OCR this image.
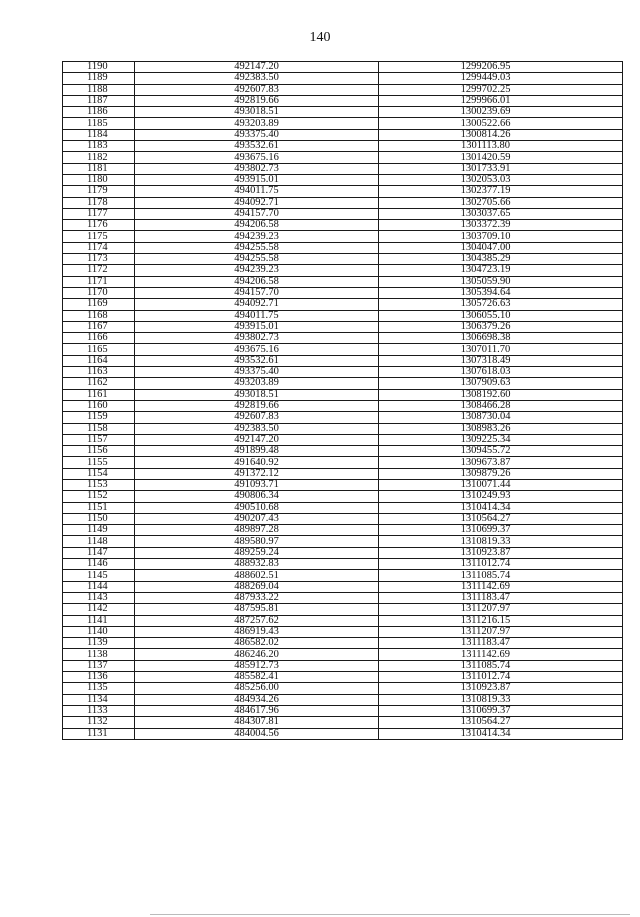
140
1190	492147.20	1299206.95
1189	492383.50	1299449.03
1188	492607.83	1299702.25
1187	492819.66	1299966.01
1186	493018.51	1300239.69
1185	493203.89	1300522.66
1184	493375.40	1300814.26
1183	493532.61	1301113.80
1182	493675.16	1301420.59
1181	493802.73	1301733.91
1180	493915.01	1302053.03
1179	494011.75	1302377.19
1178	494092.71	1302705.66
1177	494157.70	1303037.65
1176	494206.58	1303372.39
1175	494239.23	1303709.10
1174	494255.58	1304047.00
1173	494255.58	1304385.29
1172	494239.23	1304723.19
1171	494206.58	1305059.90
1170	494157.70	1305394.64
1169	494092.71	1305726.63
1168	494011.75	1306055.10
1167	493915.01	1306379.26
1166	493802.73	1306698.38
1165	493675.16	1307011.70
1164	493532.61	1307318.49
1163	493375.40	1307618.03
1162	493203.89	1307909.63
1161	493018.51	1308192.60
1160	492819.66	1308466.28
1159	492607.83	1308730.04
1158	492383.50	1308983.26
1157	492147.20	1309225.34
1156	491899.48	1309455.72
1155	491640.92	1309673.87
1154	491372.12	1309879.26
1153	491093.71	1310071.44
1152	490806.34	1310249.93
1151	490510.68	1310414.34
1150	490207.43	1310564.27
1149	489897.28	1310699.37
1148	489580.97	1310819.33
1147	489259.24	1310923.87
1146	488932.83	1311012.74
1145	488602.51	1311085.74
1144	488269.04	1311142.69
1143	487933.22	1311183.47
1142	487595.81	1311207.97
1141	487257.62	1311216.15
1140	486919.43	1311207.97
1139	486582.02	1311183.47
1138	486246.20	1311142.69
1137	485912.73	1311085.74
1136	485582.41	1311012.74
1135	485256.00	1310923.87
1134	484934.26	1310819.33
1133	484617.96	1310699.37
1132	484307.81	1310564.27
1131	484004.56	1310414.34
